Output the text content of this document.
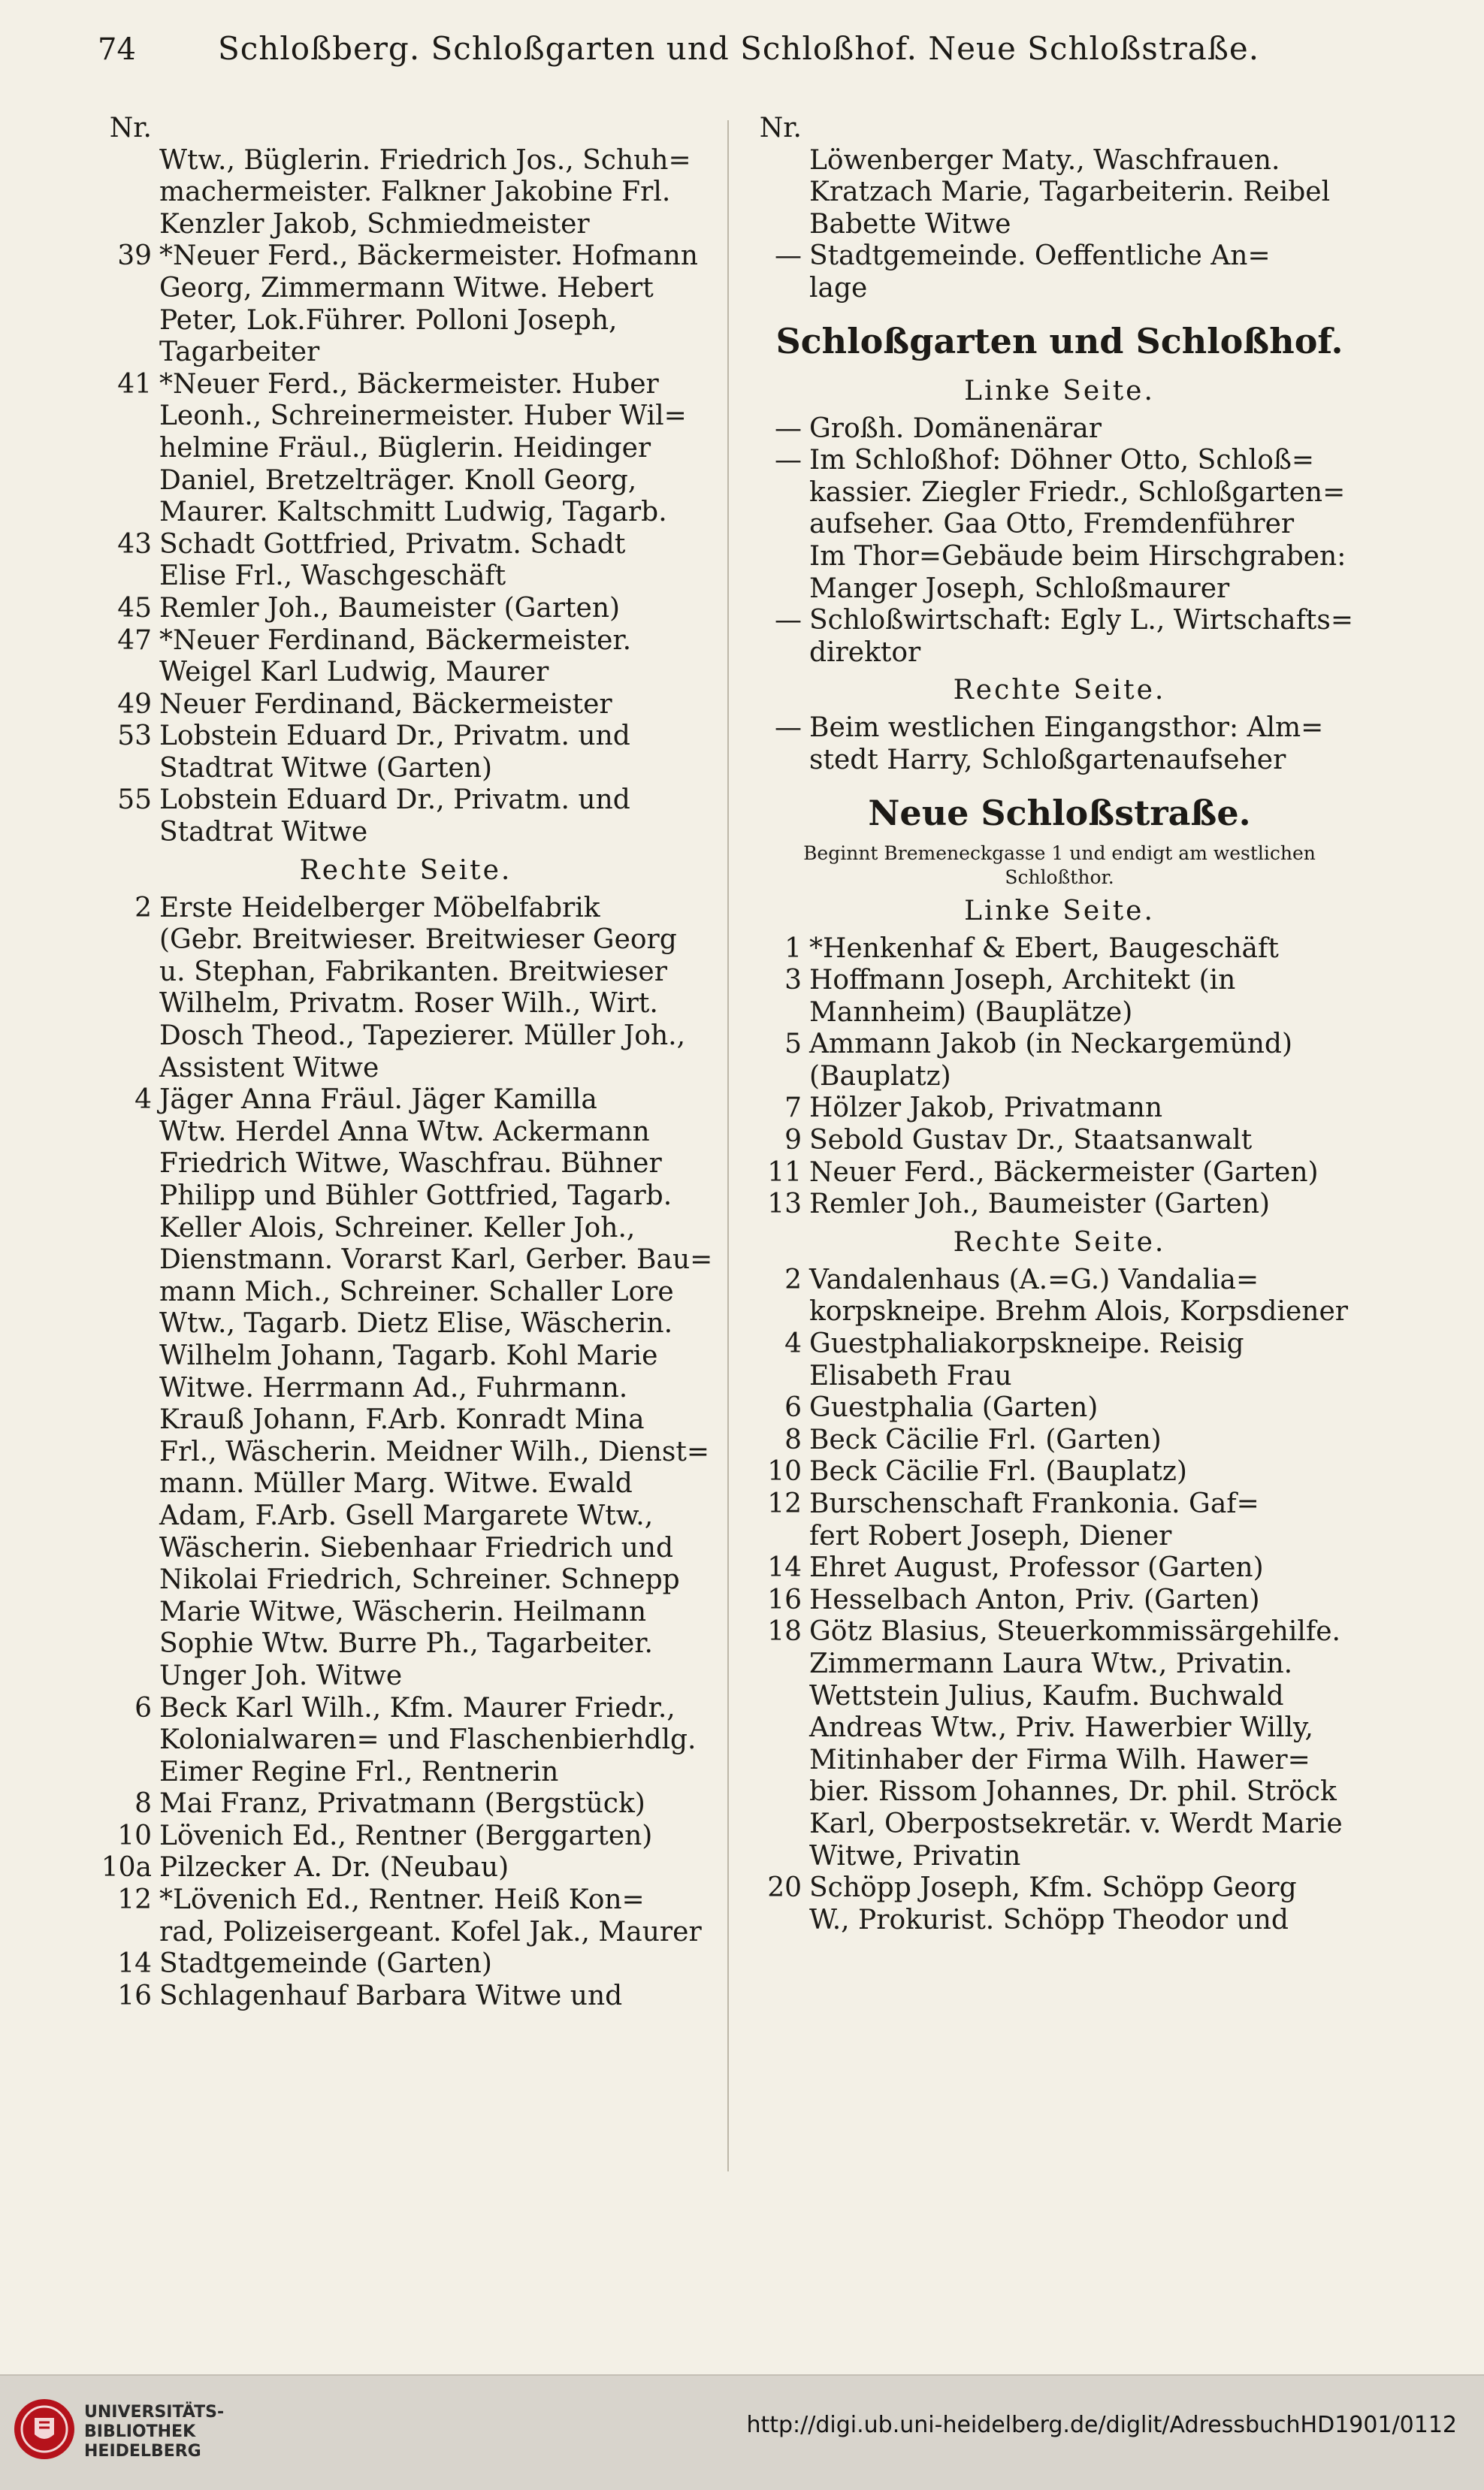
74	Schloßberg. Schloßgarten und Schloßhof. Neue Schloßstraße.
Nr.
Wtw., Büglerin. Friedrich Jos., Schuh=
machermeister. Falkner Jakobine Frl.
Kenzler Jakob, Schmiedmeister
39 *Neuer Ferd., Bäckermeister. Hofmann
Georg, Zimmermann Witwe. Hebert
Peter, Lok.Führer. Polloni Joseph,
Tagarbeiter
41 *Neuer Ferd., Bäckermeister. Huber
Leonh., Schreinermeister. Huber Wil=
helmine Fräul., Büglerin. Heidinger
Daniel, Bretzelträger. Knoll Georg,
Maurer. Kaltschmitt Ludwig, Tagarb.
43 Schadt Gottfried, Privatm. Schadt
Elise Frl., Waschgeschäft
45 Remler Joh., Baumeister (Garten)
47 *Neuer Ferdinand, Bäckermeister.
Weigel Karl Ludwig, Maurer
49 Neuer Ferdinand, Bäckermeister
53 Lobstein Eduard Dr., Privatm. und
Stadtrat Witwe (Garten)
55 Lobstein Eduard Dr., Privatm. und
Stadtrat Witwe
Rechte Seite.
2 Erste Heidelberger Möbelfabrik
(Gebr. Breitwieser. Breitwieser Georg
u. Stephan, Fabrikanten. Breitwieser
Wilhelm, Privatm. Roser Wilh., Wirt.
Dosch Theod., Tapezierer. Müller Joh.,
Assistent Witwe
4 Jäger Anna Fräul. Jäger Kamilla
Wtw. Herdel Anna Wtw. Ackermann
Friedrich Witwe, Waschfrau. Bühner
Philipp und Bühler Gottfried, Tagarb.
Keller Alois, Schreiner. Keller Joh.,
Dienstmann. Vorarst Karl, Gerber. Bau=
mann Mich., Schreiner. Schaller Lore
Wtw., Tagarb. Dietz Elise, Wäscherin.
Wilhelm Johann, Tagarb. Kohl Marie
Witwe. Herrmann Ad., Fuhrmann.
Krauß Johann, F.Arb. Konradt Mina
Frl., Wäscherin. Meidner Wilh., Dienst=
mann. Müller Marg. Witwe. Ewald
Adam, F.Arb. Gsell Margarete Wtw.,
Wäscherin. Siebenhaar Friedrich und
Nikolai Friedrich, Schreiner. Schnepp
Marie Witwe, Wäscherin. Heilmann
Sophie Wtw. Burre Ph., Tagarbeiter.
Unger Joh. Witwe
6 Beck Karl Wilh., Kfm. Maurer Friedr.,
Kolonialwaren= und Flaschenbierhdlg.
Eimer Regine Frl., Rentnerin
8 Mai Franz, Privatmann (Bergstück)
10 Lövenich Ed., Rentner (Berggarten)
10a Pilzecker A. Dr. (Neubau)
12 *Lövenich Ed., Rentner. Heiß Kon=
rad, Polizeisergeant. Kofel Jak., Maurer
14 Stadtgemeinde (Garten)
16 Schlagenhauf Barbara Witwe und
Nr.
Löwenberger Maty., Waschfrauen.
Kratzach Marie, Tagarbeiterin. Reibel
Babette Witwe
— Stadtgemeinde. Oeffentliche An=
lage
Schloßgarten und Schloßhof.
Linke Seite.
— Großh. Domänenärar
— Im Schloßhof: Döhner Otto, Schloß=
kassier. Ziegler Friedr., Schloßgarten=
aufseher. Gaa Otto, Fremdenführer
Im Thor=Gebäude beim Hirschgraben:
Manger Joseph, Schloßmaurer
— Schloßwirtschaft: Egly L., Wirtschafts=
direktor
Rechte Seite.
— Beim westlichen Eingangsthor: Alm=
stedt Harry, Schloßgartenaufseher
Neue Schloßstraße.
Beginnt Bremeneckgasse 1 und endigt am westlichen
Schloßthor.
Linke Seite.
1 *Henkenhaf & Ebert, Baugeschäft
3 Hoffmann Joseph, Architekt (in
Mannheim) (Bauplätze)
5 Ammann Jakob (in Neckargemünd)
(Bauplatz)
7 Hölzer Jakob, Privatmann
9 Sebold Gustav Dr., Staatsanwalt
11 Neuer Ferd., Bäckermeister (Garten)
13 Remler Joh., Baumeister (Garten)
Rechte Seite.
2 Vandalenhaus (A.=G.) Vandalia=
korpskneipe. Brehm Alois, Korpsdiener
4 Guestphaliakorpskneipe. Reisig
Elisabeth Frau
6 Guestphalia (Garten)
8 Beck Cäcilie Frl. (Garten)
10 Beck Cäcilie Frl. (Bauplatz)
12 Burschenschaft Frankonia. Gaf=
fert Robert Joseph, Diener
14 Ehret August, Professor (Garten)
16 Hesselbach Anton, Priv. (Garten)
18 Götz Blasius, Steuerkommissärgehilfe.
Zimmermann Laura Wtw., Privatin.
Wettstein Julius, Kaufm. Buchwald
Andreas Wtw., Priv. Hawerbier Willy,
Mitinhaber der Firma Wilh. Hawer=
bier. Rissom Johannes, Dr. phil. Ströck
Karl, Oberpostsekretär. v. Werdt Marie
Witwe, Privatin
20 Schöpp Joseph, Kfm. Schöpp Georg
W., Prokurist. Schöpp Theodor und
UNIVERSITÄTS-
BIBLIOTHEK
HEIDELBERG
http://digi.ub.uni-heidelberg.de/diglit/AdressbuchHD1901/0112
